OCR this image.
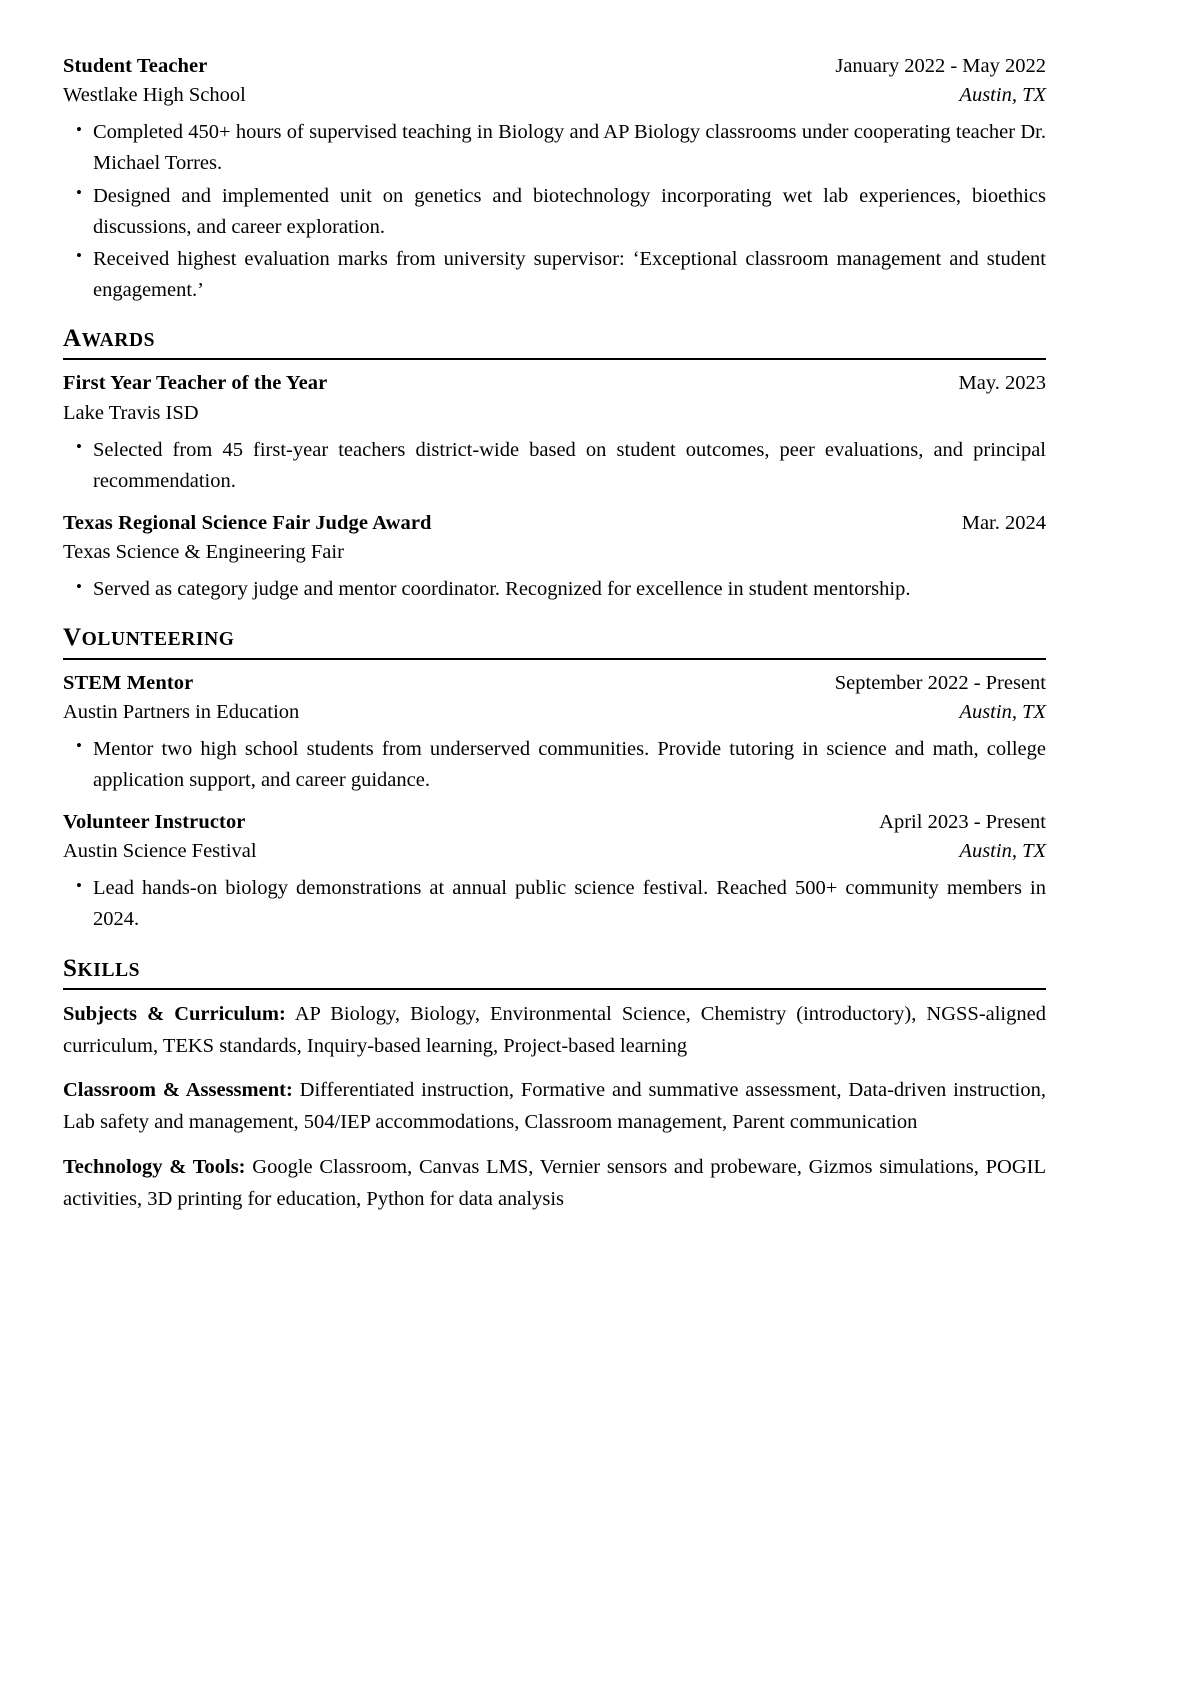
Student Teacher	January 2022 - May 2022
Westlake High School	Austin, TX
• Completed 450+ hours of supervised teaching in Biology and AP Biology classrooms under cooperating teacher Dr. Michael Torres.
• Designed and implemented unit on genetics and biotechnology incorporating wet lab experiences, bioethics discussions, and career exploration.
• Received highest evaluation marks from university supervisor: ‘Exceptional classroom management and student engagement.’
AWARDS
First Year Teacher of the Year	May. 2023
Lake Travis ISD
• Selected from 45 first-year teachers district-wide based on student outcomes, peer evaluations, and principal recommendation.
Texas Regional Science Fair Judge Award	Mar. 2024
Texas Science & Engineering Fair
• Served as category judge and mentor coordinator. Recognized for excellence in student mentorship.
VOLUNTEERING
STEM Mentor	September 2022 - Present
Austin Partners in Education	Austin, TX
• Mentor two high school students from underserved communities. Provide tutoring in science and math, college application support, and career guidance.
Volunteer Instructor	April 2023 - Present
Austin Science Festival	Austin, TX
• Lead hands-on biology demonstrations at annual public science festival. Reached 500+ community members in 2024.
SKILLS
Subjects & Curriculum: AP Biology, Biology, Environmental Science, Chemistry (introductory), NGSS-aligned curriculum, TEKS standards, Inquiry-based learning, Project-based learning
Classroom & Assessment: Differentiated instruction, Formative and summative assessment, Data-driven instruction, Lab safety and management, 504/IEP accommodations, Classroom management, Parent communication
Technology & Tools: Google Classroom, Canvas LMS, Vernier sensors and probeware, Gizmos simulations, POGIL activities, 3D printing for education, Python for data analysis
